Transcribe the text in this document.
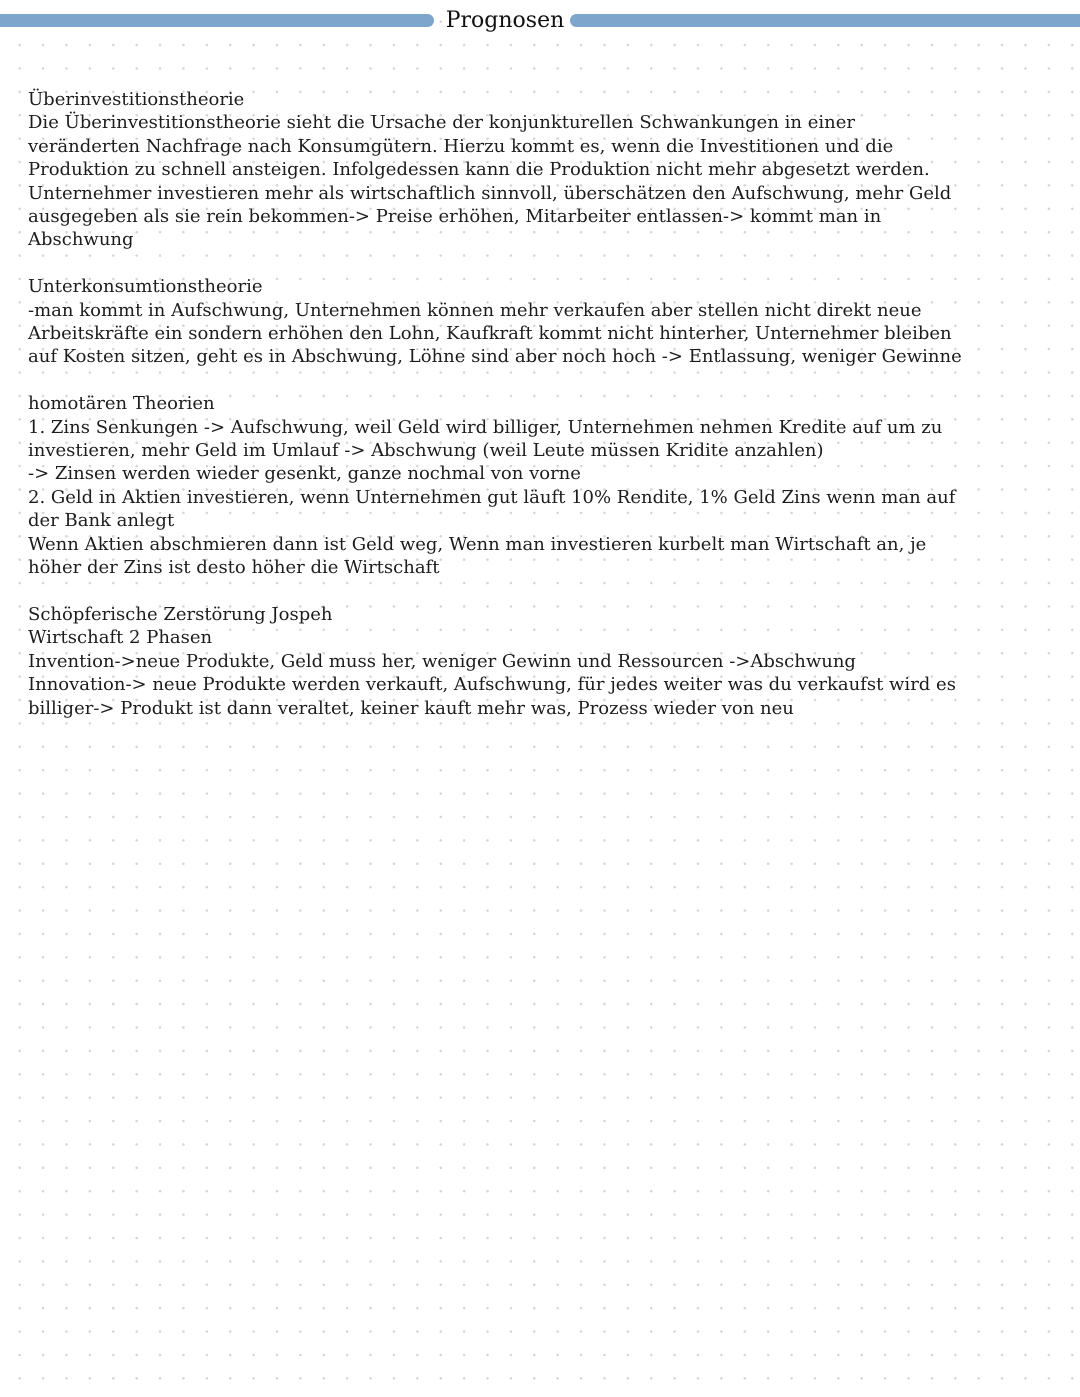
Prognosen
Überinvestitionstheorie
Die Überinvestitionstheorie sieht die Ursache der konjunkturellen Schwankungen in einer
veränderten Nachfrage nach Konsumgütern. Hierzu kommt es, wenn die Investitionen und die
Produktion zu schnell ansteigen. Infolgedessen kann die Produktion nicht mehr abgesetzt werden.
Unternehmer investieren mehr als wirtschaftlich sinnvoll, überschätzen den Aufschwung, mehr Geld
ausgegeben als sie rein bekommen-> Preise erhöhen, Mitarbeiter entlassen-> kommt man in
Abschwung
Unterkonsumtionstheorie
-man kommt in Aufschwung, Unternehmen können mehr verkaufen aber stellen nicht direkt neue
Arbeitskräfte ein sondern erhöhen den Lohn, Kaufkraft kommt nicht hinterher, Unternehmer bleiben
auf Kosten sitzen, geht es in Abschwung, Löhne sind aber noch hoch -> Entlassung, weniger Gewinne
homotären Theorien
1. Zins Senkungen -> Aufschwung, weil Geld wird billiger, Unternehmen nehmen Kredite auf um zu
investieren, mehr Geld im Umlauf -> Abschwung (weil Leute müssen Kridite anzahlen)
-> Zinsen werden wieder gesenkt, ganze nochmal von vorne
2. Geld in Aktien investieren, wenn Unternehmen gut läuft 10% Rendite, 1% Geld Zins wenn man auf
der Bank anlegt
Wenn Aktien abschmieren dann ist Geld weg, Wenn man investieren kurbelt man Wirtschaft an, je
höher der Zins ist desto höher die Wirtschaft
Schöpferische Zerstörung Jospeh
Wirtschaft 2 Phasen
Invention->neue Produkte, Geld muss her, weniger Gewinn und Ressourcen ->Abschwung
Innovation-> neue Produkte werden verkauft, Aufschwung, für jedes weiter was du verkaufst wird es
billiger-> Produkt ist dann veraltet, keiner kauft mehr was, Prozess wieder von neu
